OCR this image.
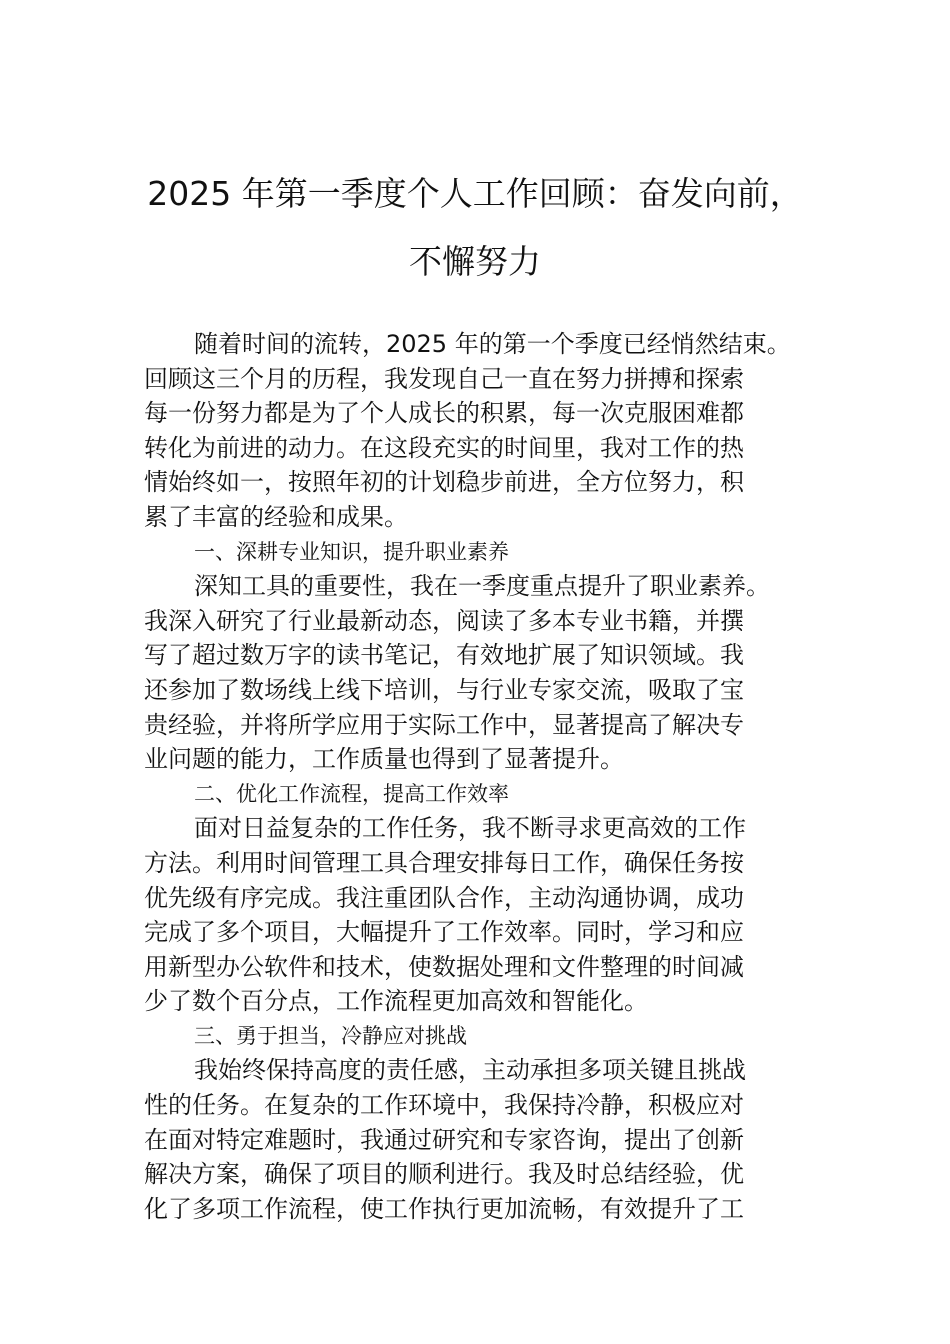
2025 年第一季度个人工作回顾：奋发向前，
不懈努力
随着时间的流转，2025 年的第一个季度已经悄然结束。
回顾这三个月的历程，我发现自己一直在努力拼搏和探索
每一份努力都是为了个人成长的积累，每一次克服困难都
转化为前进的动力。在这段充实的时间里，我对工作的热
情始终如一，按照年初的计划稳步前进，全方位努力，积
累了丰富的经验和成果。
一、深耕专业知识，提升职业素养
深知工具的重要性，我在一季度重点提升了职业素养。
我深入研究了行业最新动态，阅读了多本专业书籍，并撰
写了超过数万字的读书笔记，有效地扩展了知识领域。我
还参加了数场线上线下培训，与行业专家交流，吸取了宝
贵经验，并将所学应用于实际工作中，显著提高了解决专
业问题的能力，工作质量也得到了显著提升。
二、优化工作流程，提高工作效率
面对日益复杂的工作任务，我不断寻求更高效的工作
方法。利用时间管理工具合理安排每日工作，确保任务按
优先级有序完成。我注重团队合作，主动沟通协调，成功
完成了多个项目，大幅提升了工作效率。同时，学习和应
用新型办公软件和技术，使数据处理和文件整理的时间减
少了数个百分点，工作流程更加高效和智能化。
三、勇于担当，冷静应对挑战
我始终保持高度的责任感，主动承担多项关键且挑战
性的任务。在复杂的工作环境中，我保持冷静，积极应对
在面对特定难题时，我通过研究和专家咨询，提出了创新
解决方案，确保了项目的顺利进行。我及时总结经验，优
化了多项工作流程，使工作执行更加流畅，有效提升了工
